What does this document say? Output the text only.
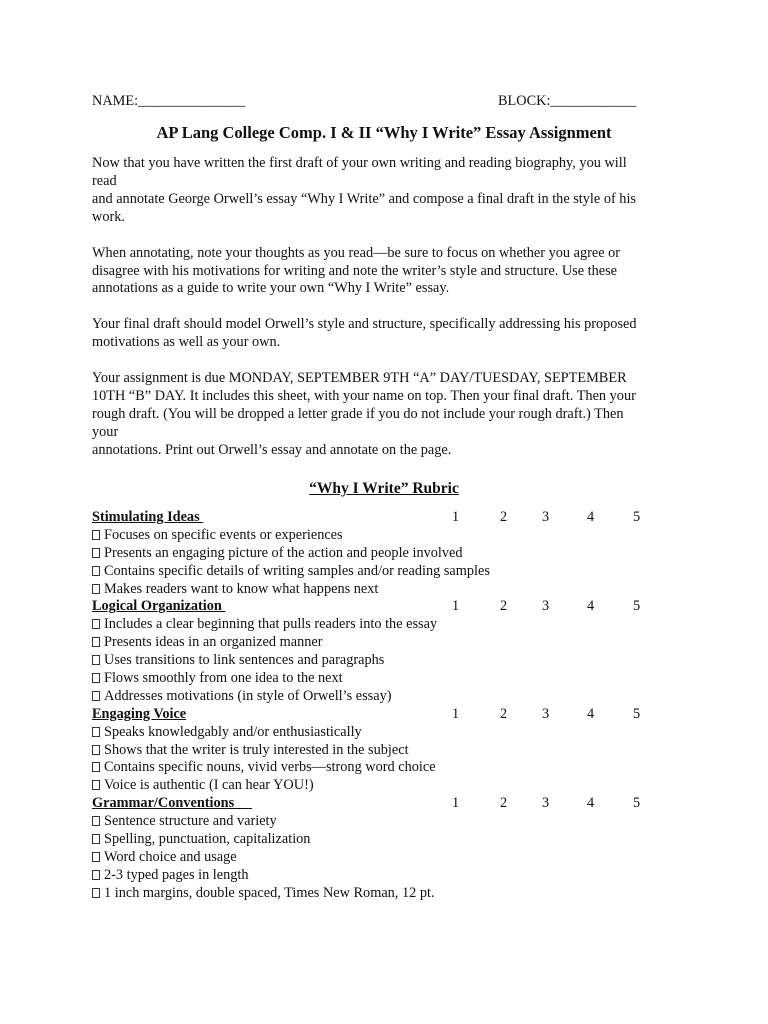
NAME:_______________	BLOCK:____________
AP Lang College Comp. I & II “Why I Write” Essay Assignment

Now that you have written the first draft of your own writing and reading biography, you will
read
and annotate George Orwell’s essay “Why I Write” and compose a final draft in the style of his
work.

When annotating, note your thoughts as you read—be sure to focus on whether you agree or
disagree with his motivations for writing and note the writer’s style and structure. Use these
annotations as a guide to write your own “Why I Write” essay.

Your final draft should model Orwell’s style and structure, specifically addressing his proposed
motivations as well as your own.

Your assignment is due MONDAY, SEPTEMBER 9TH “A” DAY/TUESDAY, SEPTEMBER
10TH “B” DAY. It includes this sheet, with your name on top. Then your final draft. Then your
rough draft. (You will be dropped a letter grade if you do not include your rough draft.) Then
your
annotations. Print out Orwell’s essay and annotate on the page.

“Why I Write” Rubric
Stimulating Ideas	1	2 3	4	5
Focuses on specific events or experiences
Presents an engaging picture of the action and people involved
Contains specific details of writing samples and/or reading samples
Makes readers want to know what happens next
Logical Organization	1	2 3	4	5
Includes a clear beginning that pulls readers into the essay
Presents ideas in an organized manner
Uses transitions to link sentences and paragraphs
Flows smoothly from one idea to the next
Addresses motivations (in style of Orwell’s essay)
Engaging Voice	1	2 3	4	5
Speaks knowledgably and/or enthusiastically
Shows that the writer is truly interested in the subject
Contains specific nouns, vivid verbs—strong word choice
Voice is authentic (I can hear YOU!)
Grammar/Conventions	1	2 3	4	5
Sentence structure and variety
Spelling, punctuation, capitalization
Word choice and usage
2-3 typed pages in length
1 inch margins, double spaced, Times New Roman, 12 pt.
